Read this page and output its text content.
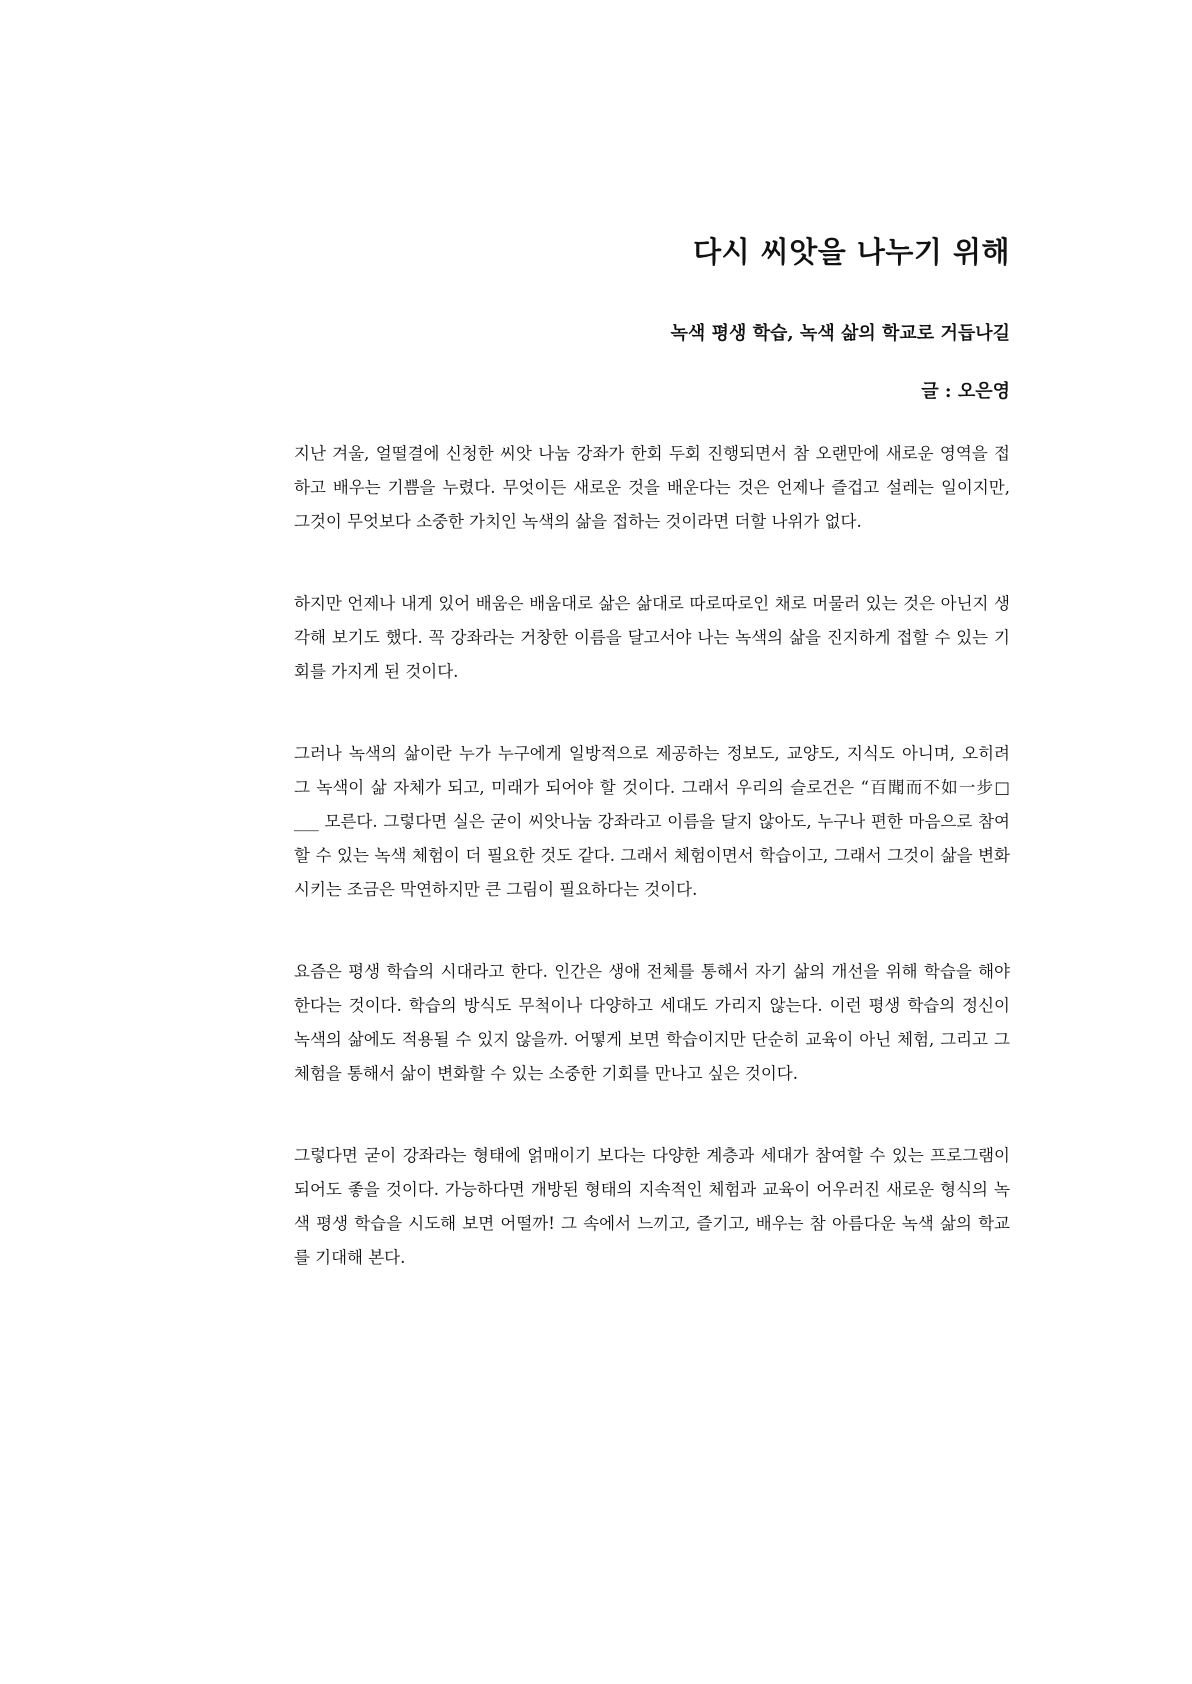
다시 씨앗을 나누기 위해
녹색 평생 학습, 녹색 삶의 학교로 거듭나길
글 : 오은영
지난 겨울, 얼떨결에 신청한 씨앗 나눔 강좌가 한회 두회 진행되면서 참 오랜만에 새로운 영역을 접
하고 배우는 기쁨을 누렸다. 무엇이든 새로운 것을 배운다는 것은 언제나 즐겁고 설레는 일이지만,
그것이 무엇보다 소중한 가치인 녹색의 삶을 접하는 것이라면 더할 나위가 없다.
하지만 언제나 내게 있어 배움은 배움대로 삶은 삶대로 따로따로인 채로 머물러 있는 것은 아닌지 생
각해 보기도 했다. 꼭 강좌라는 거창한 이름을 달고서야 나는 녹색의 삶을 진지하게 접할 수 있는 기
회를 가지게 된 것이다.
그러나 녹색의 삶이란 누가 누구에게 일방적으로 제공하는 정보도, 교양도, 지식도 아니며, 오히려
그 녹색이 삶 자체가 되고, 미래가 되어야 할 것이다. 그래서 우리의 슬로건은 “百聞而不如一步□
___ 모른다. 그렇다면 실은 굳이 씨앗나눔 강좌라고 이름을 달지 않아도, 누구나 편한 마음으로 참여
할 수 있는 녹색 체험이 더 필요한 것도 같다. 그래서 체험이면서 학습이고, 그래서 그것이 삶을 변화
시키는 조금은 막연하지만 큰 그림이 필요하다는 것이다.
요즘은 평생 학습의 시대라고 한다. 인간은 생애 전체를 통해서 자기 삶의 개선을 위해 학습을 해야
한다는 것이다. 학습의 방식도 무척이나 다양하고 세대도 가리지 않는다. 이런 평생 학습의 정신이
녹색의 삶에도 적용될 수 있지 않을까. 어떻게 보면 학습이지만 단순히 교육이 아닌 체험, 그리고 그
체험을 통해서 삶이 변화할 수 있는 소중한 기회를 만나고 싶은 것이다.
그렇다면 굳이 강좌라는 형태에 얽매이기 보다는 다양한 계층과 세대가 참여할 수 있는 프로그램이
되어도 좋을 것이다. 가능하다면 개방된 형태의 지속적인 체험과 교육이 어우러진 새로운 형식의 녹
색 평생 학습을 시도해 보면 어떨까! 그 속에서 느끼고, 즐기고, 배우는 참 아름다운 녹색 삶의 학교
를 기대해 본다.
